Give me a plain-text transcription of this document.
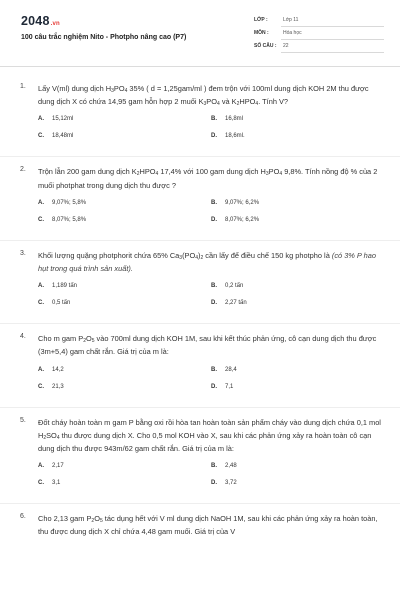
2048.vn
100 câu trắc nghiệm Nito - Photpho nâng cao (P7)
LỚP :	Lớp 11
MÔN :	Hóa học
SỐ CÂU : 22
1. Lấy V(ml) dung dịch $H_3PO_4$ 35% ( d = 1,25gam/ml ) đem trộn với 100ml dung dịch KOH 2M thu được dung dịch X có chứa 14,95 gam hỗn hợp 2 muối $K_3PO_4$ và $K_2HPO_4$. Tính V?
A. 15,12ml	B. 16,8ml
C. 18,48ml	D. 18,6ml.
2. Trộn lẫn 200 gam dung dịch $K_2HPO_4$ 17,4% với 100 gam dung dịch $H_3PO_4$ 9,8%. Tính nồng độ % của 2 muối photphat trong dung dịch thu được ?
A. 9,07%; 5,8%	B. 9,07%; 6,2%
C. 8,07%; 5,8%	D. 8,07%; 6,2%
3. Khối lượng quặng photphorit chứa 65% $Ca_3(PO_4)_2$ cần lấy để điều chế 150 kg photpho là (có 3% P hao hụt trong quá trình sản xuất).
A. 1,189 tấn	B. 0,2 tấn
C. 0,5 tấn	D. 2,27 tấn
4. Cho m gam $P_2O_5$ vào 700ml dung dịch KOH 1M, sau khi kết thúc phản ứng, cô cạn dung dịch thu được (3m+5,4) gam chất rắn. Giá trị của m là:
A. 14,2	B. 28,4
C. 21,3	D. 7,1
5. Đốt cháy hoàn toàn m gam P bằng oxi rồi hòa tan hoàn toàn sản phẩm cháy vào dung dịch chứa 0,1 mol $H_2SO_4$ thu được dung dịch X. Cho 0,5 mol KOH vào X, sau khi các phản ứng xảy ra hoàn toàn cô cạn dung dịch thu được 943m/62 gam chất rắn. Giá trị của m là:
A. 2,17	B. 2,48
C. 3,1	D. 3,72
6. Cho 2,13 gam $P_2O_5$ tác dụng hết với V ml dung dịch NaOH 1M, sau khi các phản ứng xảy ra hoàn toàn, thu được dung dịch X chỉ chứa 4,48 gam muối. Giá trị của V
